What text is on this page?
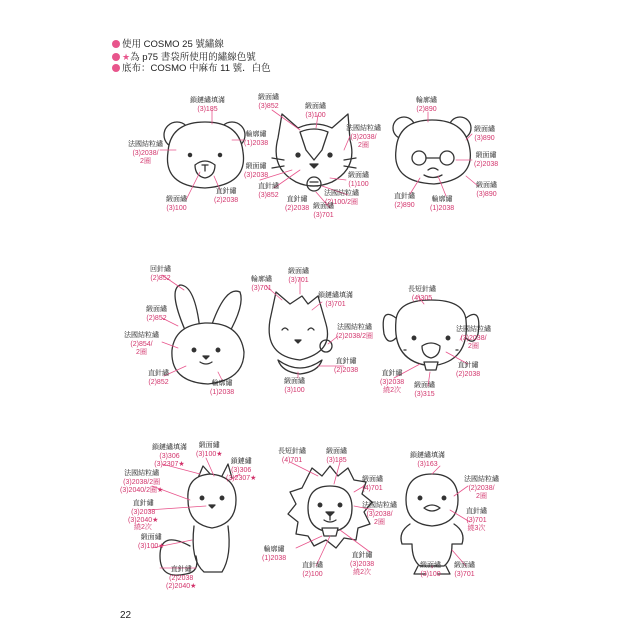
使用 COSMO 25 號繡線
★為 p75 書袋所使用的繡線色號
底布：COSMO 中麻布 11 號．白色
鎖鏈繡填滿
(3)185
法國結粒繡
(3)2038/
2圈
輪廓繡
(1)2038
緞面繡
(3)100
直針繡
(2)2038
緞面繡
(3)852	緞面繡
(3)100
法國結粒繡
(3)2038/
2圈
緞面繡
(3)2038	緞面繡
(1)100
直針繡
(3)852
直針繡
(2)2038
法國結粒繡
(2)100/2圈
緞面繡
(3)701
輪廓繡
(2)890
緞面繡
(3)890
緞面繡
(2)2038
直針繡
(2)890
輪廓繡
(1)2038
緞面繡
(3)890
回針繡
(2)852
緞面繡
(2)852
法國結粒繡
(2)854/
2圈
直針繡
(2)852	輪廓繡
(1)2038
輪廓繡
(3)701
緞面繡
(3)701
鎖鏈繡填滿
(3)701
法國結粒繡
(2)2038/2圈
直針繡
(2)2038
緞面繡
(3)100
長短針繡
(4)305
法國結粒繡
(3)2038/
2圈
直針繡
(2)2038
直針繡
(3)2038
繞2次
緞面繡
(3)315
鎖鏈繡填滿
(3)306
(3)2307★
緞面繡
(3)100★
鎖鏈繡
(3)306
(3)2307★
法國結粒繡
(3)2038/2圈
(3)2040/2圈★
直針繡
(3)2038
(3)2040★
繞2次
緞面繡
(3)100★
直針繡
(2)2038
(2)2040★
長短針繡
(4)701
緞面繡
(3)185
緞面繡
(4)701
法國結粒繡
(3)2038/
2圈
輪廓繡
(1)2038
直針繡
(2)100
直針繡
(3)2038
繞2次
鎖鏈繡填滿
(3)163
法國結粒繡
(2)2038/
2圈
直針繡
(3)701
繞3次
緞面繡
(3)100
緞面繡
(3)701
22
